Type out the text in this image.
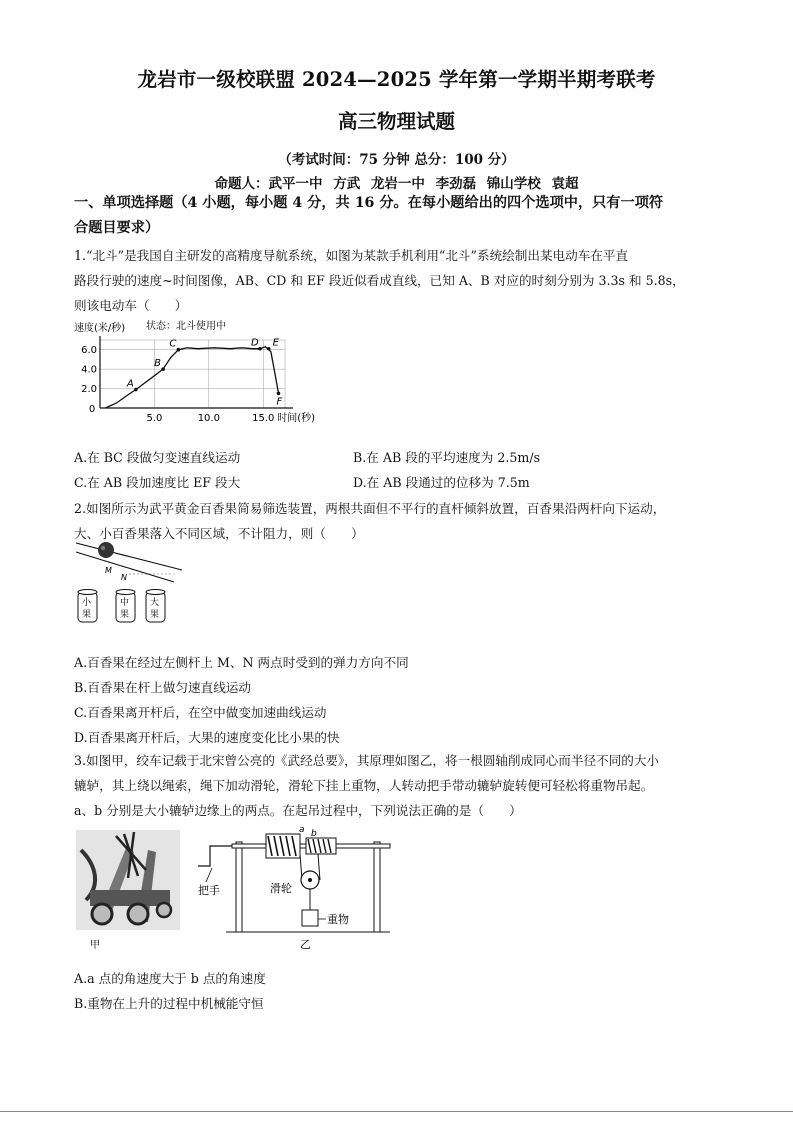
龙岩市一级校联盟 2024—2025 学年第一学期半期考联考
高三物理试题
（考试时间：75 分钟 总分：100 分）
命题人：武平一中 方武 龙岩一中 李劲磊 锦山学校 袁超
一、单项选择题（4 小题，每小题 4 分，共 16 分。在每小题给出的四个选项中，只有一项符
合题目要求）
1.“北斗”是我国自主研发的高精度导航系统，如图为某款手机利用“北斗”系统绘制出某电动车在平直
路段行驶的速度~时间图像，AB、CD 和 EF 段近似看成直线，已知 A、B 对应的时刻分别为 3.3s 和 5.8s，
则该电动车（　　）
速度(米/秒) 状态：北斗使用中
2.0
4.0
6.0
5.0	10.0	15.0
0
A
B
C	D E
F
时间(秒)
A.在 BC 段做匀变速直线运动	B.在 AB 段的平均速度为 2.5m/s
C.在 AB 段加速度比 EF 段大	D.在 AB 段通过的位移为 7.5m
2.如图所示为武平黄金百香果简易筛选装置，两根共面但不平行的直杆倾斜放置，百香果沿两杆向下运动，
大、小百香果落入不同区域，不计阻力，则（　　）
M
N
小
果
中
果
大
果
A.百香果在经过左侧杆上 M、N 两点时受到的弹力方向不同
B.百香果在杆上做匀速直线运动
C.百香果离开杆后，在空中做变加速曲线运动
D.百香果离开杆后，大果的速度变化比小果的快
3.如图甲，绞车记载于北宋曾公亮的《武经总要》，其原理如图乙，将一根圆轴削成同心而半径不同的大小
辘轳，其上绕以绳索，绳下加动滑轮，滑轮下挂上重物，人转动把手带动辘轳旋转便可轻松将重物吊起。
a、b 分别是大小辘轳边缘上的两点。在起吊过程中，下列说法正确的是（　　）
甲
把手
a b
滑轮
重物
乙
A.a 点的角速度大于 b 点的角速度
B.重物在上升的过程中机械能守恒
